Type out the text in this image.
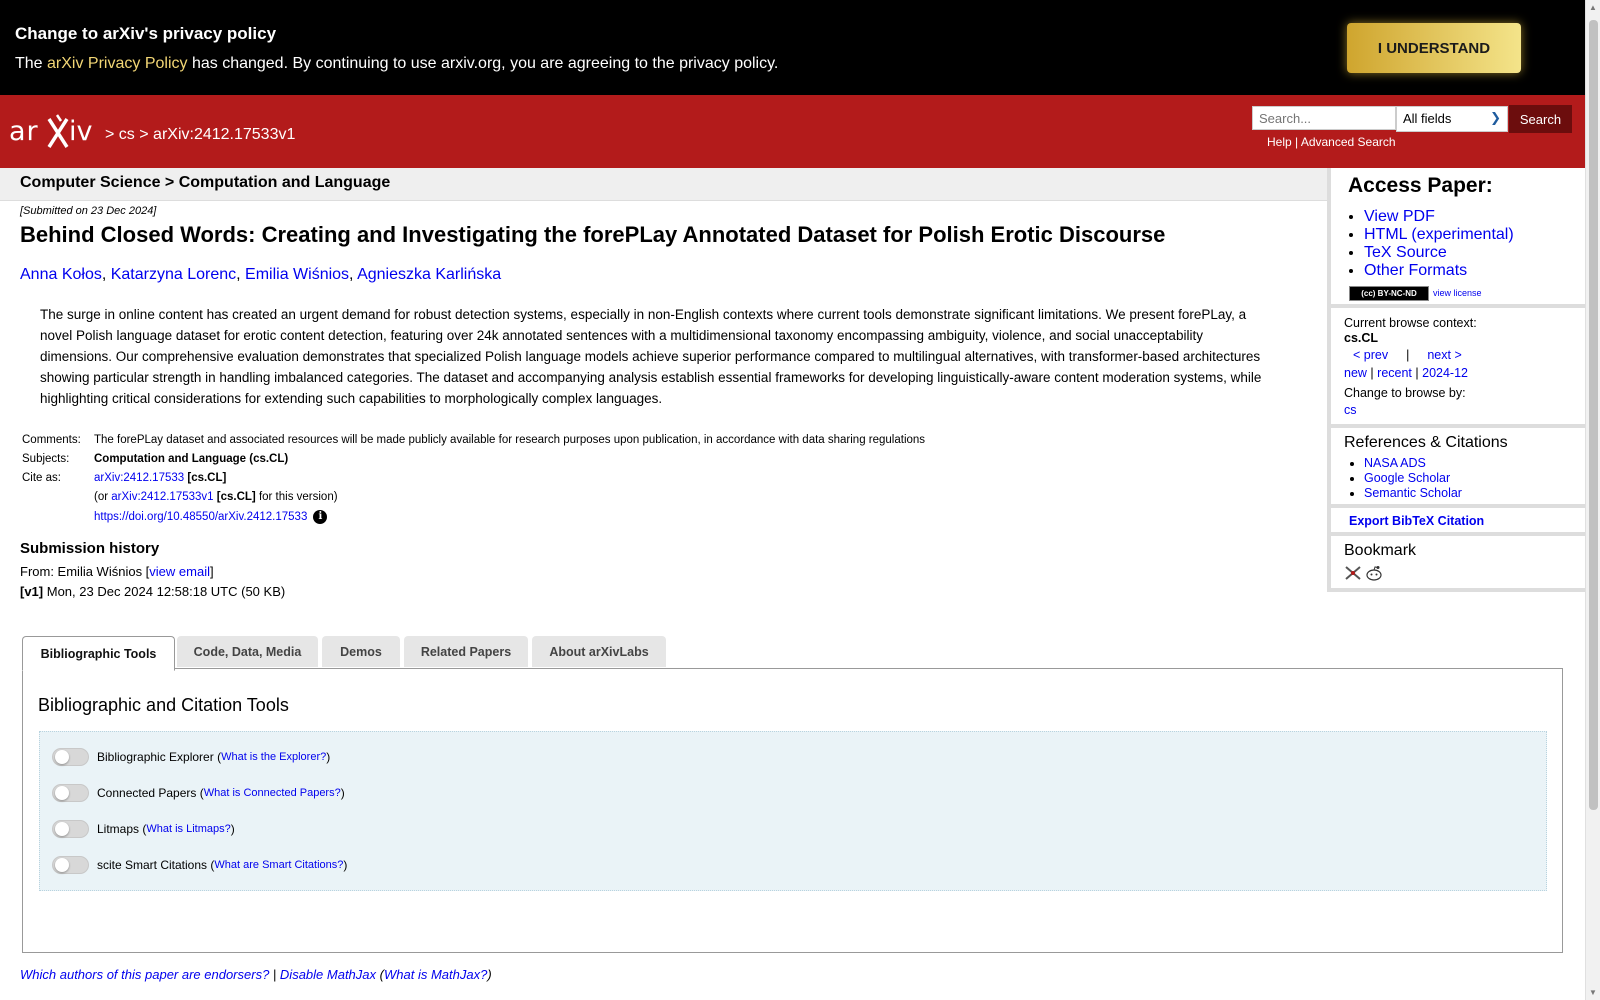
Change to arXiv's privacy policy
The arXiv Privacy Policy has changed. By continuing to use arxiv.org, you are agreeing to the privacy policy.
I UNDERSTAND
ar iv > cs > arXiv:2412.17533v1
Search...
All fields	❯	Search
Help | Advanced Search
Computer Science > Computation and Language
[Submitted on 23 Dec 2024]
Behind Closed Words: Creating and Investigating the forePLay Annotated Dataset for Polish Erotic Discourse
Anna Kołos, Katarzyna Lorenc, Emilia Wiśnios, Agnieszka Karlińska
The surge in online content has created an urgent demand for robust detection systems, especially in non-English contexts where current tools demonstrate significant limitations. We present forePLay, a novel Polish language dataset for erotic content detection, featuring over 24k annotated sentences with a multidimensional taxonomy encompassing ambiguity, violence, and social unacceptability dimensions. Our comprehensive evaluation demonstrates that specialized Polish language models achieve superior performance compared to multilingual alternatives, with transformer-based architectures showing particular strength in handling imbalanced categories. The dataset and accompanying analysis establish essential frameworks for developing linguistically-aware content moderation systems, while highlighting critical considerations for extending such capabilities to morphologically complex languages.
Comments:	The forePLay dataset and associated resources will be made publicly available for research purposes upon publication, in accordance with data sharing regulations
Subjects:	Computation and Language (cs.CL)
Cite as:	arXiv:2412.17533 [cs.CL]
	(or arXiv:2412.17533v1 [cs.CL] for this version)
	https://doi.org/10.48550/arXiv.2412.17533 i
Submission history
From: Emilia Wiśnios [view email]
[v1] Mon, 23 Dec 2024 12:58:18 UTC (50 KB)
Access Paper:
• View PDF
• HTML (experimental)
• TeX Source
• Other Formats
(cc) BY-NC-ND view license
Current browse context:
cs.CL
< prev | next >
new | recent | 2024-12
Change to browse by:
cs
References & Citations
• NASA ADS
• Google Scholar
• Semantic Scholar
Export BibTeX Citation
Bookmark
Bibliographic Tools	Code, Data, Media	Demos	Related Papers	About arXivLabs
Bibliographic and Citation Tools
Bibliographic Explorer ( What is the Explorer? )
Connected Papers ( What is Connected Papers? )
Litmaps ( What is Litmaps? )
scite Smart Citations ( What are Smart Citations? )
Which authors of this paper are endorsers? | Disable MathJax (What is MathJax?)
▲
▼
